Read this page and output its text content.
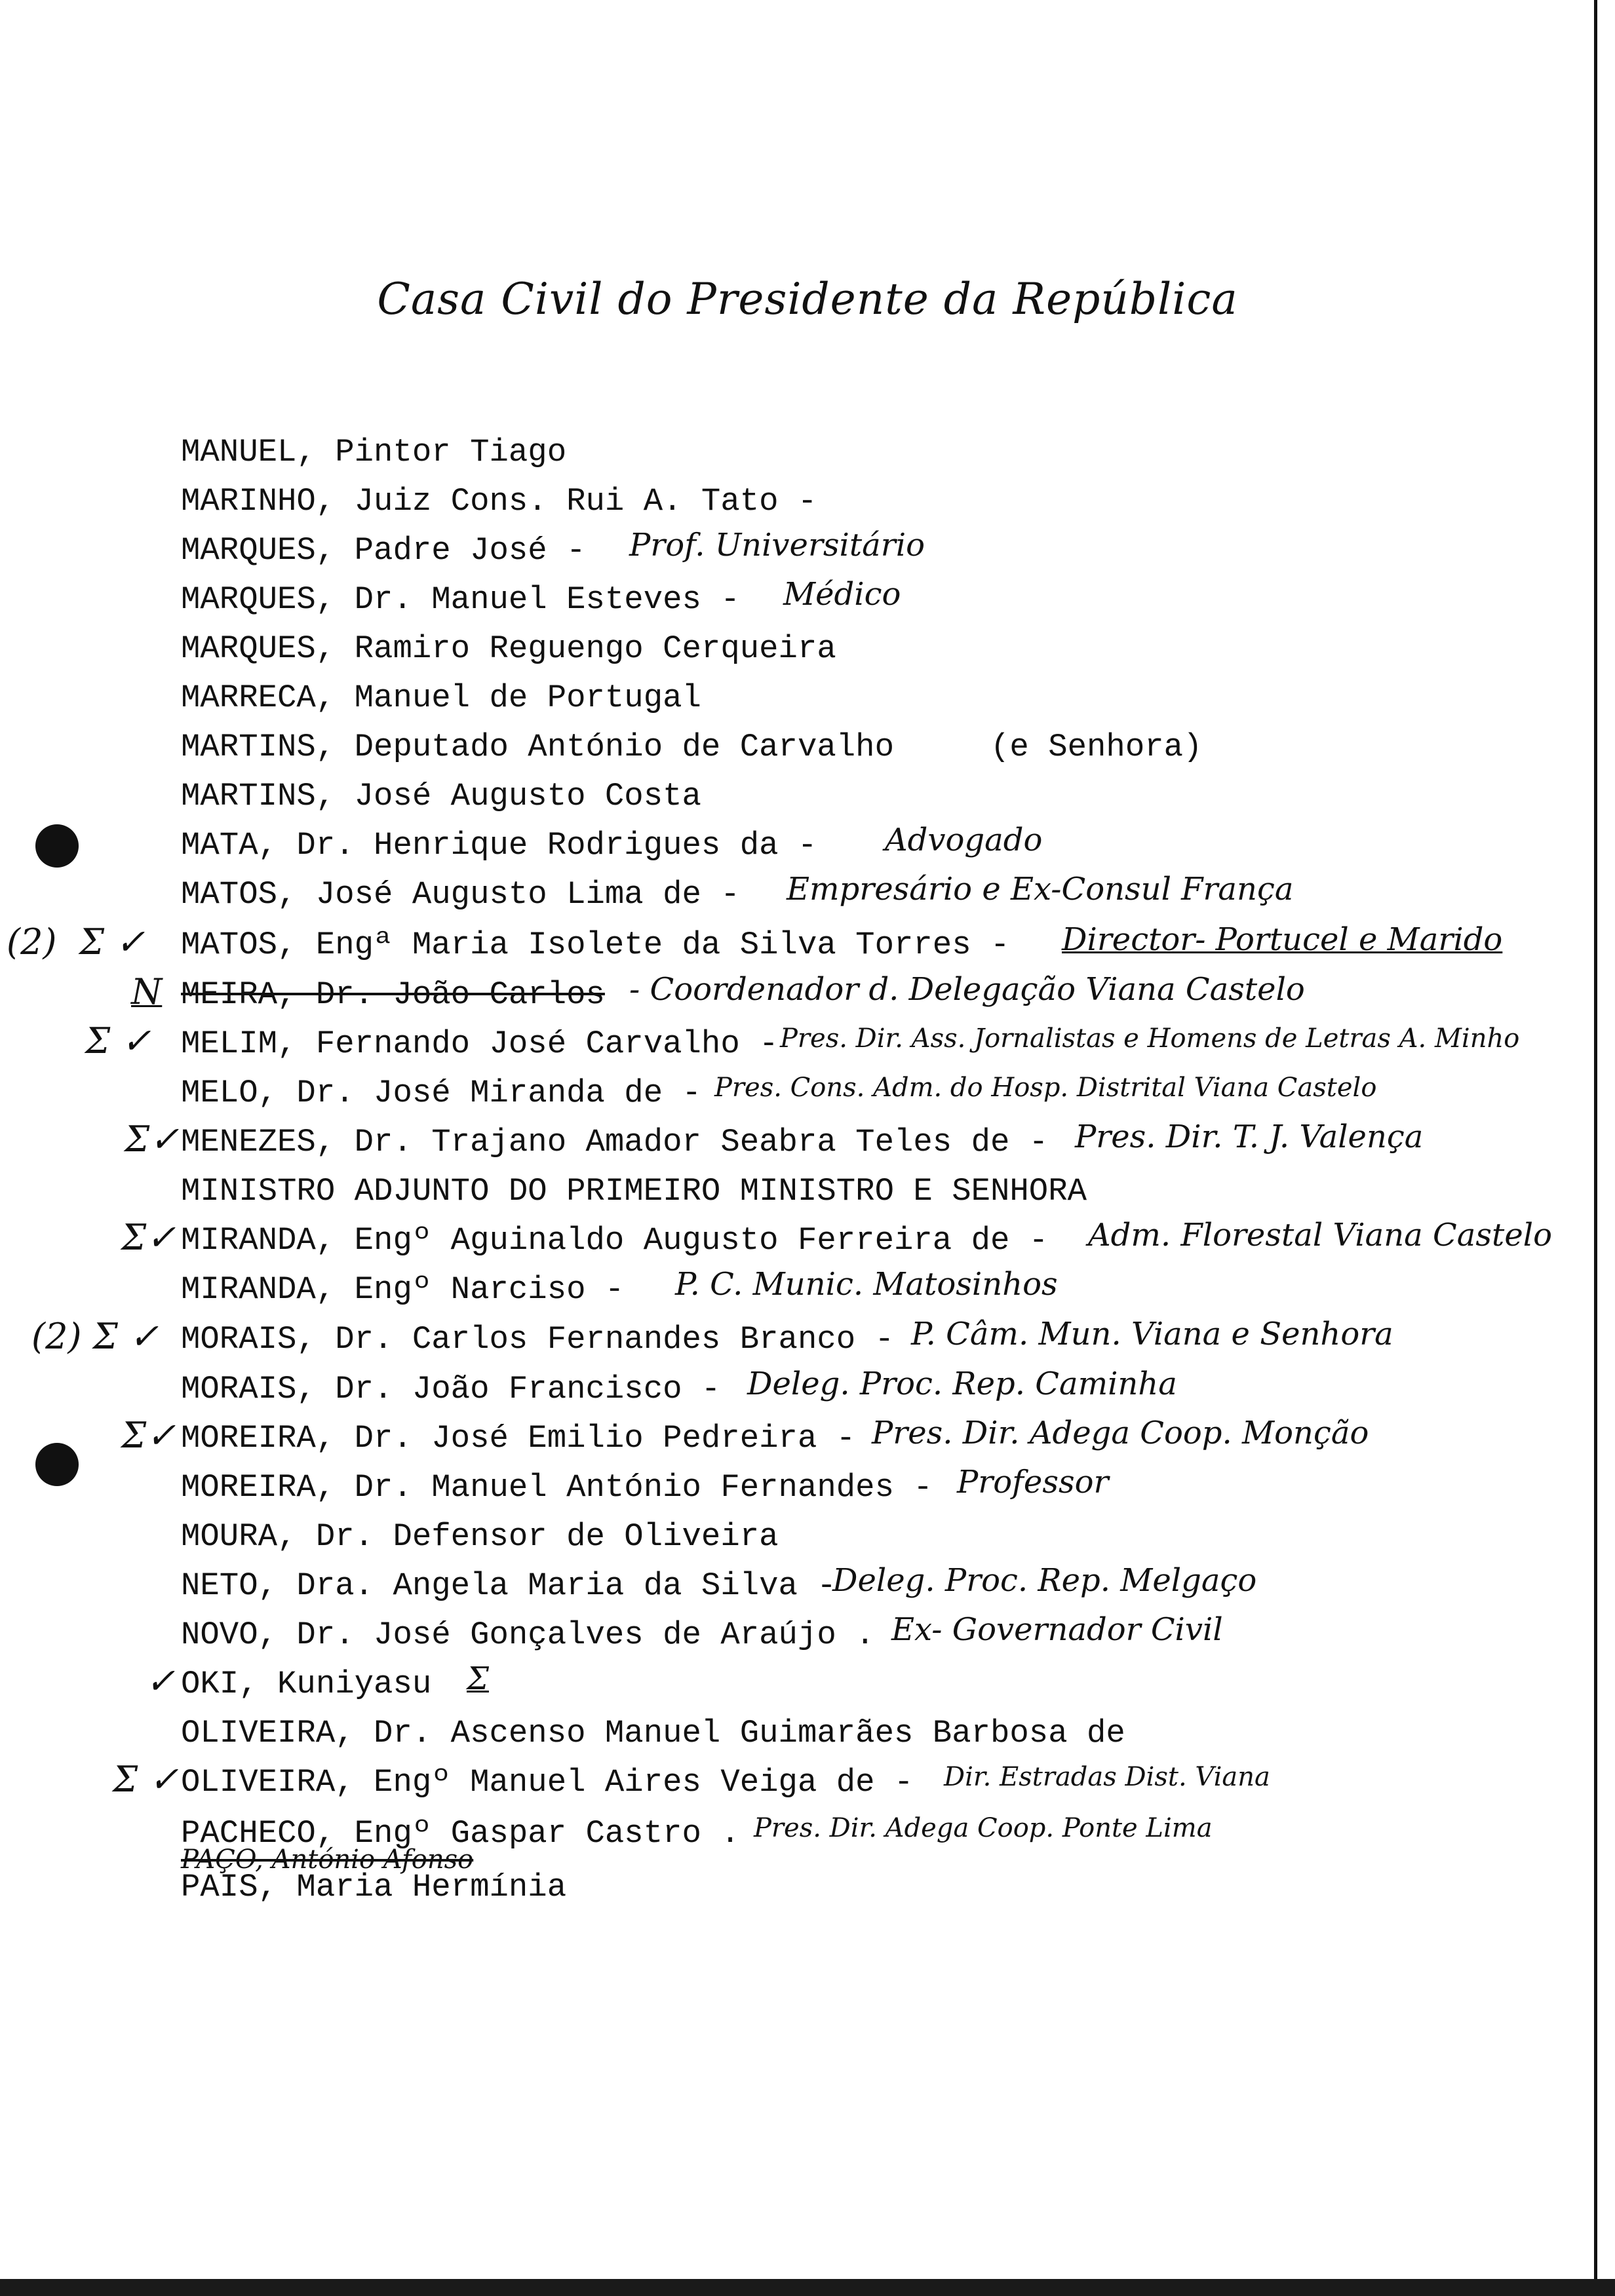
Casa Civil do Presidente da República
MANUEL, Pintor Tiago
MARINHO, Juiz Cons. Rui A. Tato -
MARQUES, Padre José - Prof. Universitário
MARQUES, Dr. Manuel Esteves - Médico
MARQUES, Ramiro Reguengo Cerqueira
MARRECA, Manuel de Portugal
MARTINS, Deputado António de Carvalho     (e Senhora)
MARTINS, José Augusto Costa
MATA, Dr. Henrique Rodrigues da - Advogado
MATOS, José Augusto Lima de - Empresário e Ex-Consul França
(2)  Σ ✓ MATOS, Engª Maria Isolete da Silva Torres - Director- Portucel e Marido
N MEIRA, Dr. João Carlos - Coordenador d. Delegação Viana Castelo
Σ ✓ MELIM, Fernando José Carvalho - Pres. Dir. Ass. Jornalistas e Homens de Letras A. Minho
MELO, Dr. José Miranda de - Pres. Cons. Adm. do Hosp. Distrital Viana Castelo
Σ✓ MENEZES, Dr. Trajano Amador Seabra Teles de - Pres. Dir. T. J. Valença
MINISTRO ADJUNTO DO PRIMEIRO MINISTRO E SENHORA
Σ✓ MIRANDA, Engº Aguinaldo Augusto Ferreira de - Adm. Florestal Viana Castelo
MIRANDA, Engº Narciso - P. C. Munic. Matosinhos
(2) Σ ✓ MORAIS, Dr. Carlos Fernandes Branco - P. Câm. Mun. Viana e Senhora
MORAIS, Dr. João Francisco - Deleg. Proc. Rep. Caminha
Σ✓ MOREIRA, Dr. José Emilio Pedreira - Pres. Dir. Adega Coop. Monção
MOREIRA, Dr. Manuel António Fernandes - Professor
MOURA, Dr. Defensor de Oliveira
NETO, Dra. Angela Maria da Silva -
Deleg. Proc. Rep. Melgaço
NOVO, Dr. José Gonçalves de Araújo . Ex- Governador Civil
✓ OKI, Kuniyasu Σ
OLIVEIRA, Dr. Ascenso Manuel Guimarães Barbosa de
Σ ✓ OLIVEIRA, Engº Manuel Aires Veiga de - Dir. Estradas Dist. Viana
PACHECO, Engº Gaspar Castro . Pres. Dir. Adega Coop. Ponte Lima
PAÇO, António Afonso
PAIS, Maria Hermínia
